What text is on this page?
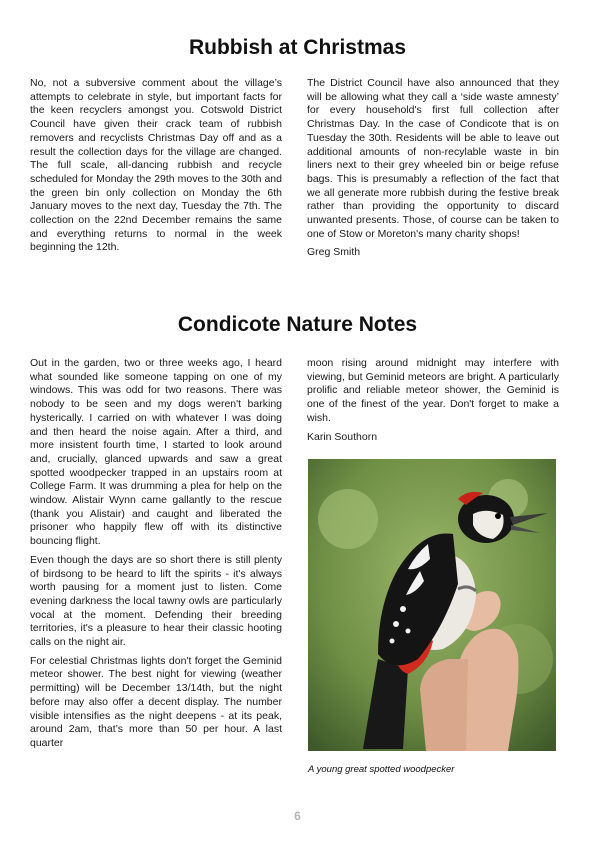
Rubbish at Christmas

No, not a subversive comment about the village’s attempts to celebrate in style, but important facts for the keen recyclers amongst you. Cotswold District Council have given their crack team of rubbish removers and recyclists Christmas Day off and as a result the collection days for the village are changed. The full scale, all-dancing rubbish and recycle scheduled for Monday the 29th moves to the 30th and the green bin only collection on Monday the 6th January moves to the next day, Tuesday the 7th. The collection on the 22nd December remains the same and everything returns to normal in the week beginning the 12th.

The District Council have also announced that they will be allowing what they call a ‘side waste amnesty’ for every household's first full collection after Christmas Day. In the case of Condicote that is on Tuesday the 30th. Residents will be able to leave out additional amounts of non-recylable waste in bin liners next to their grey wheeled bin or beige refuse bags. This is presumably a reflection of the fact that we all generate more rubbish during the festive break rather than providing the opportunity to discard unwanted presents. Those, of course can be taken to one of Stow or Moreton's many charity shops!

Greg Smith

Condicote Nature Notes

Out in the garden, two or three weeks ago, I heard what sounded like someone tapping on one of my windows. This was odd for two reasons. There was nobody to be seen and my dogs weren't barking hysterically. I carried on with whatever I was doing and then heard the noise again. After a third, and more insistent fourth time, I started to look around and, crucially, glanced upwards and saw a great spotted woodpecker trapped in an upstairs room at College Farm. It was drumming a plea for help on the window. Alistair Wynn came gallantly to the rescue (thank you Alistair) and caught and liberated the prisoner who happily flew off with its distinctive bouncing flight.

Even though the days are so short there is still plenty of birdsong to be heard to lift the spirits - it's always worth pausing for a moment just to listen. Come evening darkness the local tawny owls are particularly vocal at the moment. Defending their breeding territories, it's a pleasure to hear their classic hooting calls on the night air.

For celestial Christmas lights don't forget the Geminid meteor shower. The best night for viewing (weather permitting) will be December 13/14th, but the night before may also offer a decent display. The number visible intensifies as the night deepens - at its peak, around 2am, that’s more than 50 per hour. A last quarter

moon rising around midnight may interfere with viewing, but Geminid meteors are bright. A particularly prolific and reliable meteor shower, the Geminid is one of the finest of the year. Don't forget to make a wish.

Karin Southorn

A young great spotted woodpecker
6
